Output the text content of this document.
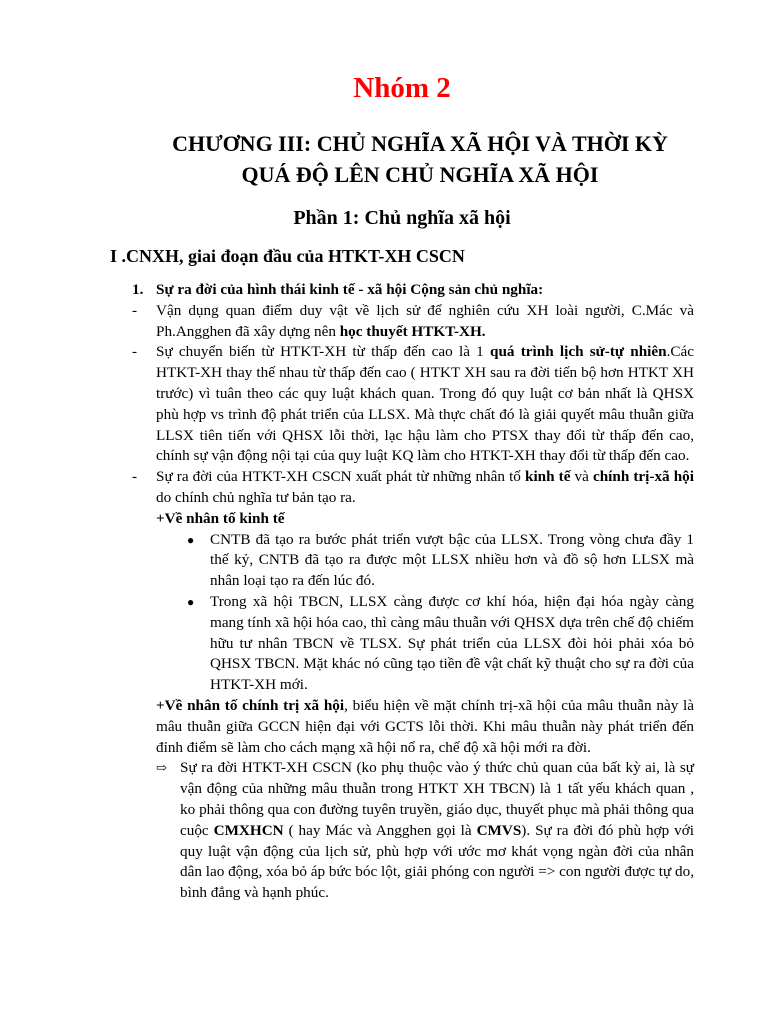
Nhóm 2
CHƯƠNG III: CHỦ NGHĨA XÃ HỘI VÀ THỜI KỲ
QUÁ ĐỘ LÊN CHỦ NGHĨA XÃ HỘI
Phần 1: Chủ nghĩa xã hội
I .CNXH, giai đoạn đầu của HTKT-XH CSCN
1. Sự ra đời của hình thái kinh tế - xã hội Cộng sản chủ nghĩa:
- Vận dụng quan điểm duy vật về lịch sử để nghiên cứu XH loài người, C.Mác và Ph.Angghen đã xây dựng nên học thuyết HTKT-XH.
- Sự chuyển biến từ HTKT-XH từ thấp đến cao là 1 quá trình lịch sử-tự nhiên.Các HTKT-XH thay thế nhau từ thấp đến cao ( HTKT XH sau ra đời tiến bộ hơn HTKT XH trước) vì tuân theo các quy luật khách quan. Trong đó quy luật cơ bản nhất là QHSX phù hợp vs trình độ phát triển của LLSX. Mà thực chất đó là giải quyết mâu thuẫn giữa LLSX tiên tiến với QHSX lỗi thời, lạc hậu làm cho PTSX thay đổi từ thấp đến cao, chính sự vận động nội tại của quy luật KQ làm cho HTKT-XH thay đổi từ thấp đến cao.
- Sự ra đời của HTKT-XH CSCN xuất phát từ những nhân tố kinh tế và chính trị-xã hội do chính chủ nghĩa tư bản tạo ra.
+Về nhân tố kinh tế
● CNTB đã tạo ra bước phát triển vượt bậc của LLSX. Trong vòng chưa đầy 1 thế kỷ, CNTB đã tạo ra được một LLSX nhiều hơn và đồ sộ hơn LLSX mà nhân loại tạo ra đến lúc đó.
● Trong xã hội TBCN, LLSX càng được cơ khí hóa, hiện đại hóa ngày càng mang tính xã hội hóa cao, thì càng mâu thuẫn với QHSX dựa trên chế độ chiếm hữu tư nhân TBCN về TLSX. Sự phát triển của LLSX đòi hỏi phải xóa bỏ QHSX TBCN. Mặt khác nó cũng tạo tiền đề vật chất kỹ thuật cho sự ra đời của HTKT-XH mới.
+Về nhân tố chính trị xã hội, biểu hiện về mặt chính trị-xã hội của mâu thuẫn này là mâu thuẫn giữa GCCN hiện đại với GCTS lỗi thời. Khi mâu thuẫn này phát triển đến đỉnh điểm sẽ làm cho cách mạng xã hội nổ ra, chế độ xã hội mới ra đời.
⇨ Sự ra đời HTKT-XH CSCN (ko phụ thuộc vào ý thức chủ quan của bất kỳ ai, là sự vận động của những mâu thuẫn trong HTKT XH TBCN) là 1 tất yếu khách quan , ko phải thông qua con đường tuyên truyền, giáo dục, thuyết phục mà phải thông qua cuộc CMXHCN ( hay Mác và Angghen gọi là CMVS). Sự ra đời đó phù hợp với quy luật vận động của lịch sử, phù hợp với ước mơ khát vọng ngàn đời của nhân dân lao động, xóa bỏ áp bức bóc lột, giải phóng con người => con người được tự do, bình đẳng và hạnh phúc.
